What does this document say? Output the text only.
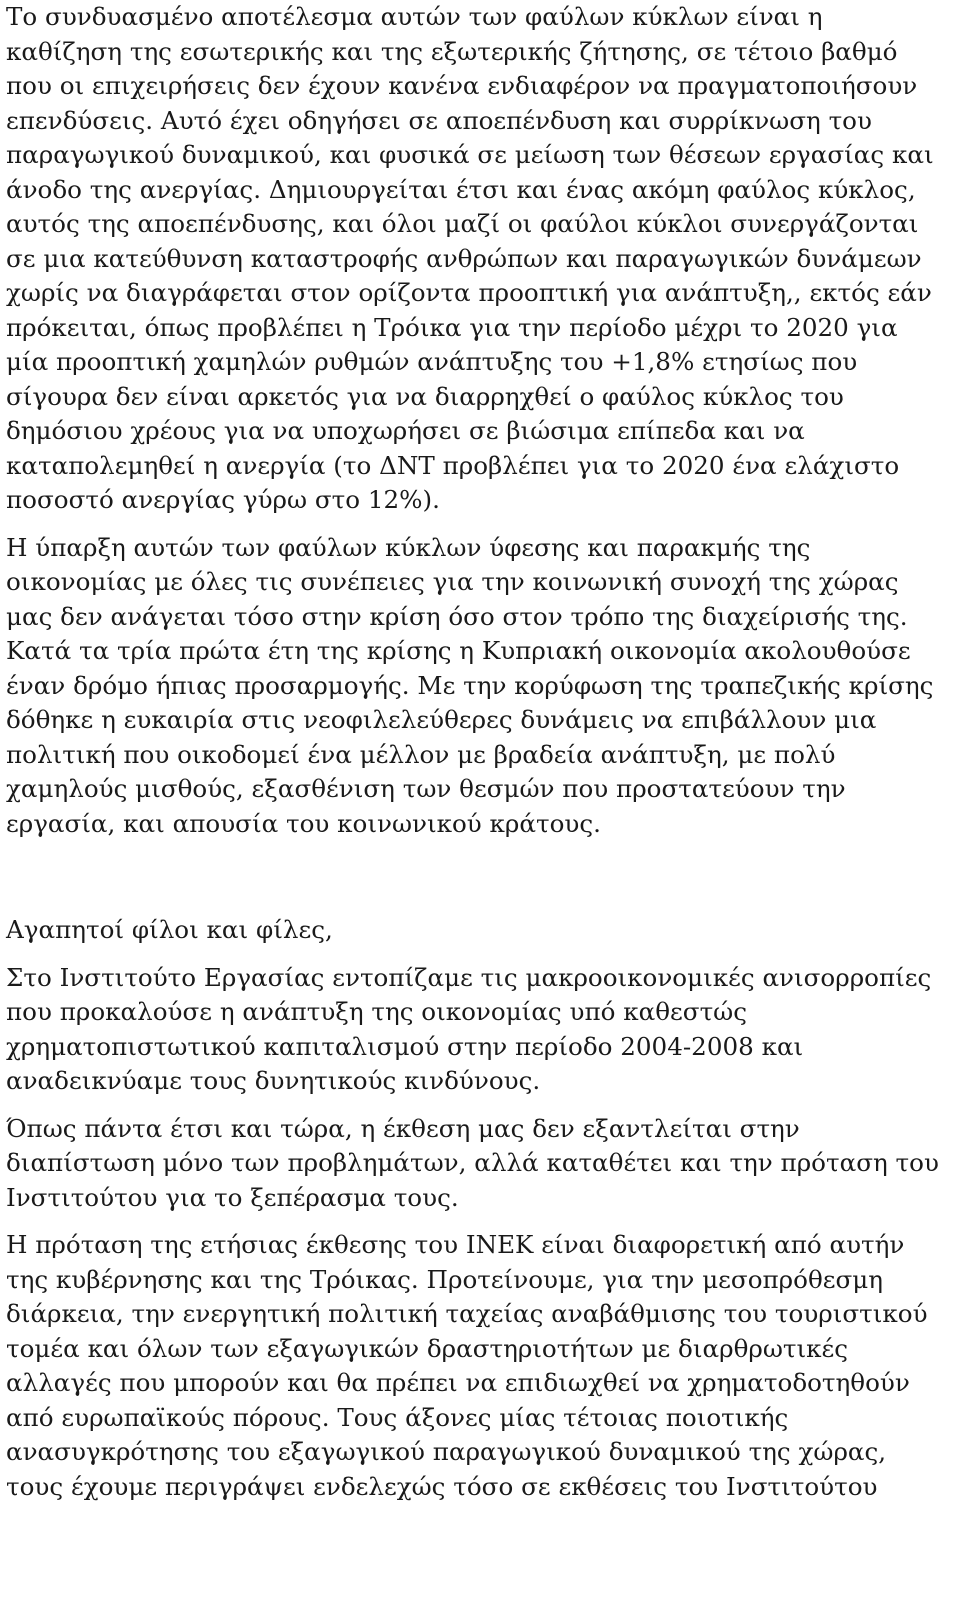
Το συνδυασμένο αποτέλεσμα αυτών των φαύλων κύκλων είναι η καθίζηση της εσωτερικής και της εξωτερικής ζήτησης, σε τέτοιο βαθμό που οι επιχειρήσεις δεν έχουν κανένα ενδιαφέρον να πραγματοποιήσουν επενδύσεις. Αυτό έχει οδηγήσει σε αποεπένδυση και συρρίκνωση του παραγωγικού δυναμικού, και φυσικά σε μείωση των θέσεων εργασίας και άνοδο της ανεργίας. Δημιουργείται έτσι και ένας ακόμη φαύλος κύκλος, αυτός της αποεπένδυσης, και όλοι μαζί οι φαύλοι κύκλοι συνεργάζονται σε μια κατεύθυνση καταστροφής ανθρώπων και παραγωγικών δυνάμεων χωρίς να διαγράφεται στον ορίζοντα προοπτική για ανάπτυξη,, εκτός εάν πρόκειται, όπως προβλέπει η Τρόικα για την περίοδο μέχρι το 2020 για μία προοπτική χαμηλών ρυθμών ανάπτυξης του +1,8% ετησίως που σίγουρα δεν είναι αρκετός για να διαρρηχθεί ο φαύλος κύκλος του δημόσιου χρέους για να υποχωρήσει σε βιώσιμα επίπεδα και να καταπολεμηθεί η ανεργία (το ΔΝΤ προβλέπει για το 2020 ένα ελάχιστο ποσοστό ανεργίας γύρω στο 12%).

Η ύπαρξη αυτών των φαύλων κύκλων ύφεσης και παρακμής της οικονομίας με όλες τις συνέπειες για την κοινωνική συνοχή της χώρας μας δεν ανάγεται τόσο στην κρίση όσο στον τρόπο της διαχείρισής της. Κατά τα τρία πρώτα έτη της κρίσης η Κυπριακή οικονομία ακολουθούσε έναν δρόμο ήπιας προσαρμογής. Με την κορύφωση της τραπεζικής κρίσης δόθηκε η ευκαιρία στις νεοφιλελεύθερες δυνάμεις να επιβάλλουν μια πολιτική που οικοδομεί ένα μέλλον με βραδεία ανάπτυξη, με πολύ χαμηλούς μισθούς, εξασθένιση των θεσμών που προστατεύουν την εργασία, και απουσία του κοινωνικού κράτους.

Αγαπητοί φίλοι και φίλες,

Στο Ινστιτούτο Εργασίας εντοπίζαμε τις μακροοικονομικές ανισορροπίες που προκαλούσε η ανάπτυξη της οικονομίας υπό καθεστώς χρηματοπιστωτικού καπιταλισμού στην περίοδο 2004-2008 και αναδεικνύαμε τους δυνητικούς κινδύνους.

Όπως πάντα έτσι και τώρα, η έκθεση μας δεν εξαντλείται στην διαπίστωση μόνο των προβλημάτων, αλλά καταθέτει και την πρόταση του Ινστιτούτου για το ξεπέρασμα τους.

Η πρόταση της ετήσιας έκθεσης του ΙΝΕΚ είναι διαφορετική από αυτήν της κυβέρνησης και της Τρόικας. Προτείνουμε, για την μεσοπρόθεσμη διάρκεια, την ενεργητική πολιτική ταχείας αναβάθμισης του τουριστικού τομέα και όλων των εξαγωγικών δραστηριοτήτων με διαρθρωτικές αλλαγές που μπορούν και θα πρέπει να επιδιωχθεί να χρηματοδοτηθούν από ευρωπαϊκούς πόρους. Τους άξονες μίας τέτοιας ποιοτικής ανασυγκρότησης του εξαγωγικού παραγωγικού δυναμικού της χώρας, τους έχουμε περιγράψει ενδελεχώς τόσο σε εκθέσεις του Ινστιτούτου
